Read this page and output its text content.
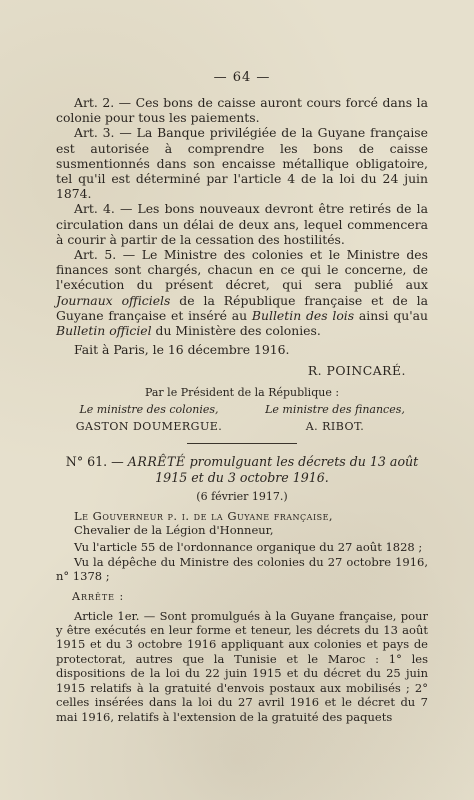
— 64 —

Art. 2. — Ces bons de caisse auront cours forcé dans la colonie pour tous les paiements.

Art. 3. — La Banque privilégiée de la Guyane française est autorisée à comprendre les bons de caisse susmentionnés dans son encaisse métallique obligatoire, tel qu'il est déterminé par l'article 4 de la loi du 24 juin 1874.

Art. 4. — Les bons nouveaux devront être retirés de la circulation dans un délai de deux ans, lequel commencera à courir à partir de la cessation des hostilités.

Art. 5. — Le Ministre des colonies et le Ministre des finances sont chargés, chacun en ce qui le concerne, de l'exécution du présent décret, qui sera publié aux Journaux officiels de la République française et de la Guyane française et inséré au Bulletin des lois ainsi qu'au Bulletin officiel du Ministère des colonies.

Fait à Paris, le 16 décembre 1916.

R. POINCARÉ.
Par le Président de la République :
Le ministre des colonies,
GASTON DOUMERGUE.
Le ministre des finances,
A. RIBOT.
N° 61. — ARRÊTÉ promulguant les décrets du 13 août 1915 et du 3 octobre 1916.
(6 février 1917.)

Le Gouverneur p. i. de la Guyane française,

Chevalier de la Légion d'Honneur,

Vu l'article 55 de l'ordonnance organique du 27 août 1828 ;

Vu la dépêche du Ministre des colonies du 27 octobre 1916, n° 1378 ;

Arrête :

Article 1er. — Sont promulgués à la Guyane française, pour y être exécutés en leur forme et teneur, les décrets du 13 août 1915 et du 3 octobre 1916 appliquant aux colonies et pays de protectorat, autres que la Tunisie et le Maroc : 1° les dispositions de la loi du 22 juin 1915 et du décret du 25 juin 1915 relatifs à la gratuité d'envois postaux aux mobilisés ; 2° celles insérées dans la loi du 27 avril 1916 et le décret du 7 mai 1916, relatifs à l'extension de la gratuité des paquets
